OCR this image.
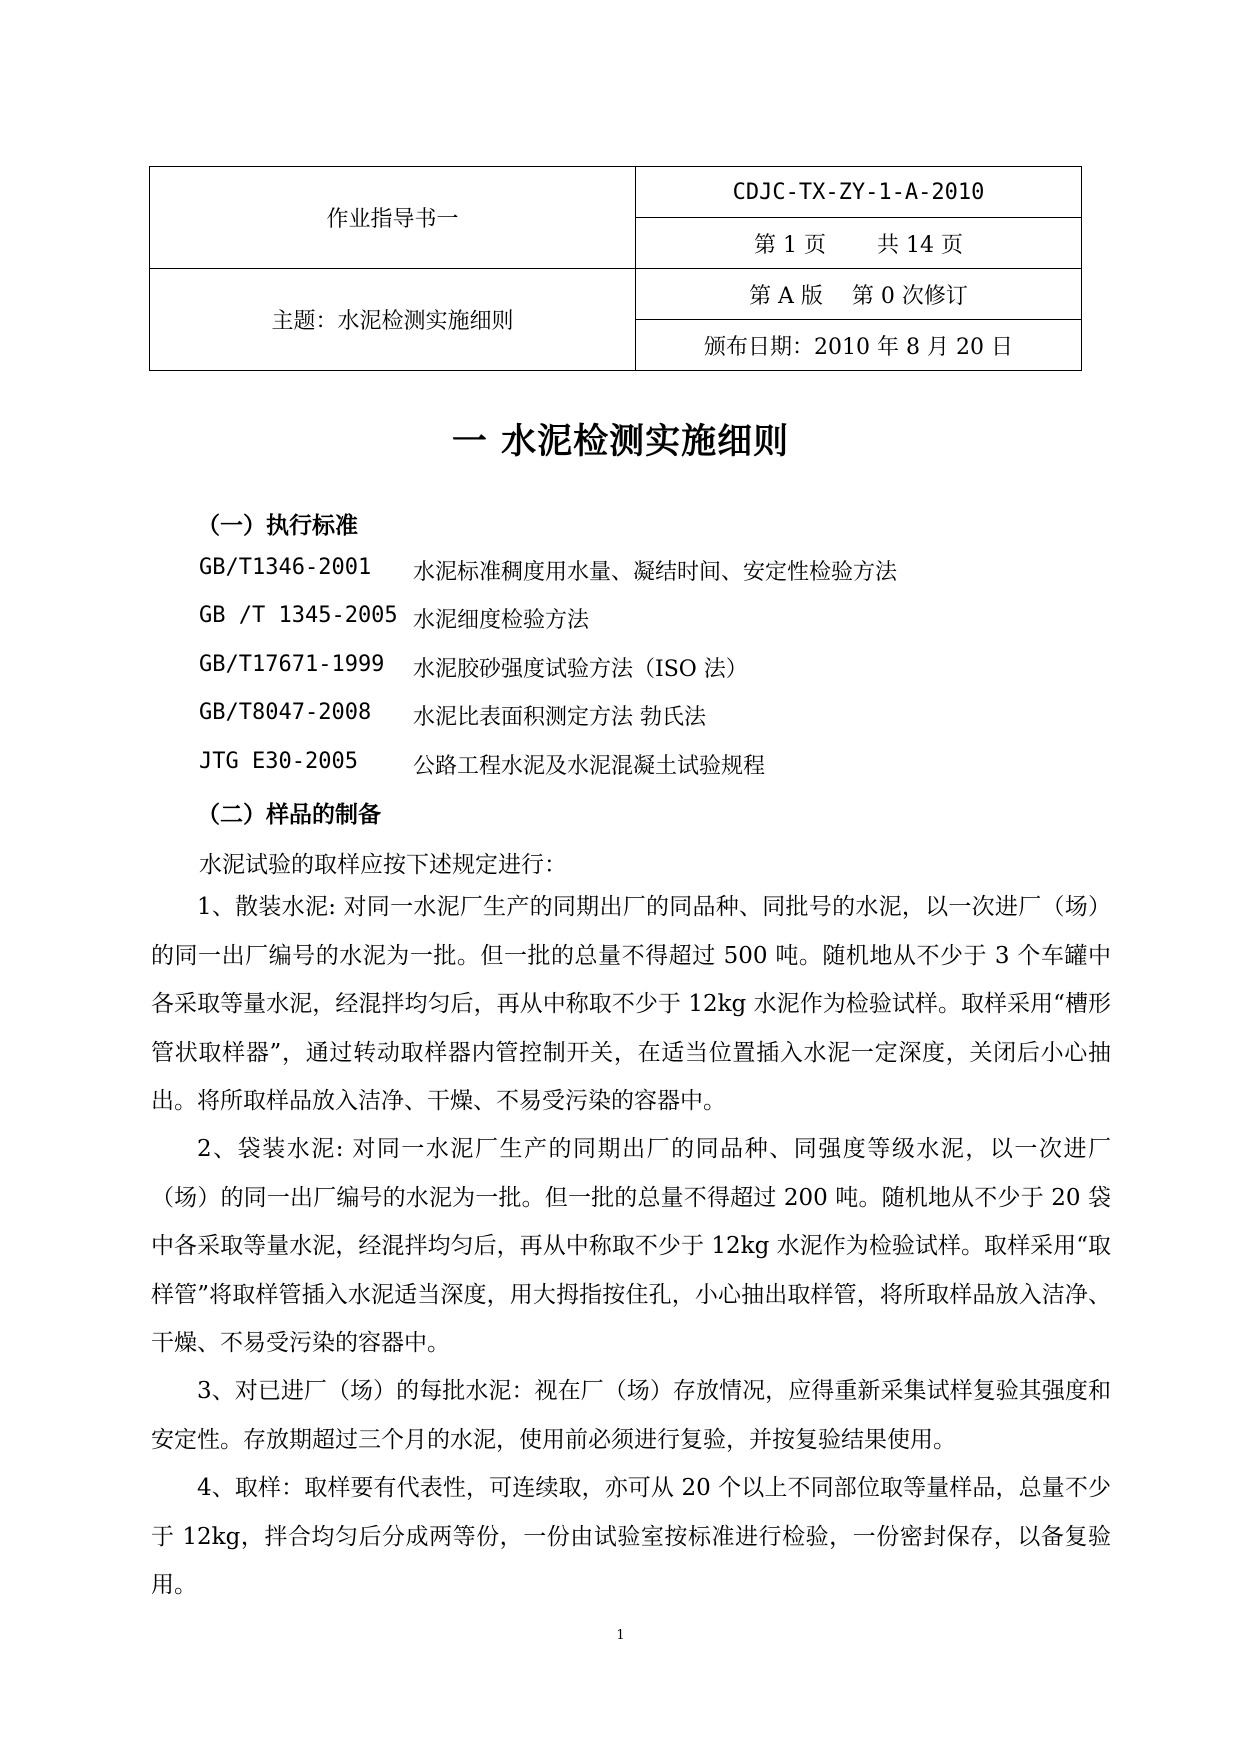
作业指导书一	CDJC-TX-ZY-1-A-2010
	第 1 页　　 共 14 页
主题：水泥检测实施细则	第 A 版　 第 0 次修订
	颁布日期：2010 年 8 月 20 日
一 水泥检测实施细则
（一）执行标准
GB/T1346-2001 水泥标准稠度用水量、凝结时间、安定性检验方法
GB /T 1345-2005 水泥细度检验方法
GB/T17671-1999 水泥胶砂强度试验方法（ISO 法）
GB/T8047-2008 水泥比表面积测定方法 勃氏法
JTG E30-2005	公路工程水泥及水泥混凝土试验规程
（二）样品的制备
水泥试验的取样应按下述规定进行：
1、散装水泥: 对同一水泥厂生产的同期出厂的同品种、同批号的水泥，以一次进厂（场）的同一出厂编号的水泥为一批。但一批的总量不得超过 500 吨。随机地从不少于 3 个车罐中各采取等量水泥，经混拌均匀后，再从中称取不少于 12kg 水泥作为检验试样。取样采用“槽形管状取样器”，通过转动取样器内管控制开关，在适当位置插入水泥一定深度，关闭后小心抽出。将所取样品放入洁净、干燥、不易受污染的容器中。
2、袋装水泥: 对同一水泥厂生产的同期出厂的同品种、同强度等级水泥，以一次进厂（场）的同一出厂编号的水泥为一批。但一批的总量不得超过 200 吨。随机地从不少于 20 袋中各采取等量水泥，经混拌均匀后，再从中称取不少于 12kg 水泥作为检验试样。取样采用“取样管”将取样管插入水泥适当深度，用大拇指按住孔，小心抽出取样管，将所取样品放入洁净、干燥、不易受污染的容器中。
3、对已进厂（场）的每批水泥：视在厂（场）存放情况，应得重新采集试样复验其强度和安定性。存放期超过三个月的水泥，使用前必须进行复验，并按复验结果使用。
4、取样：取样要有代表性，可连续取，亦可从 20 个以上不同部位取等量样品，总量不少于 12kg，拌合均匀后分成两等份，一份由试验室按标准进行检验，一份密封保存，以备复验用。
1
